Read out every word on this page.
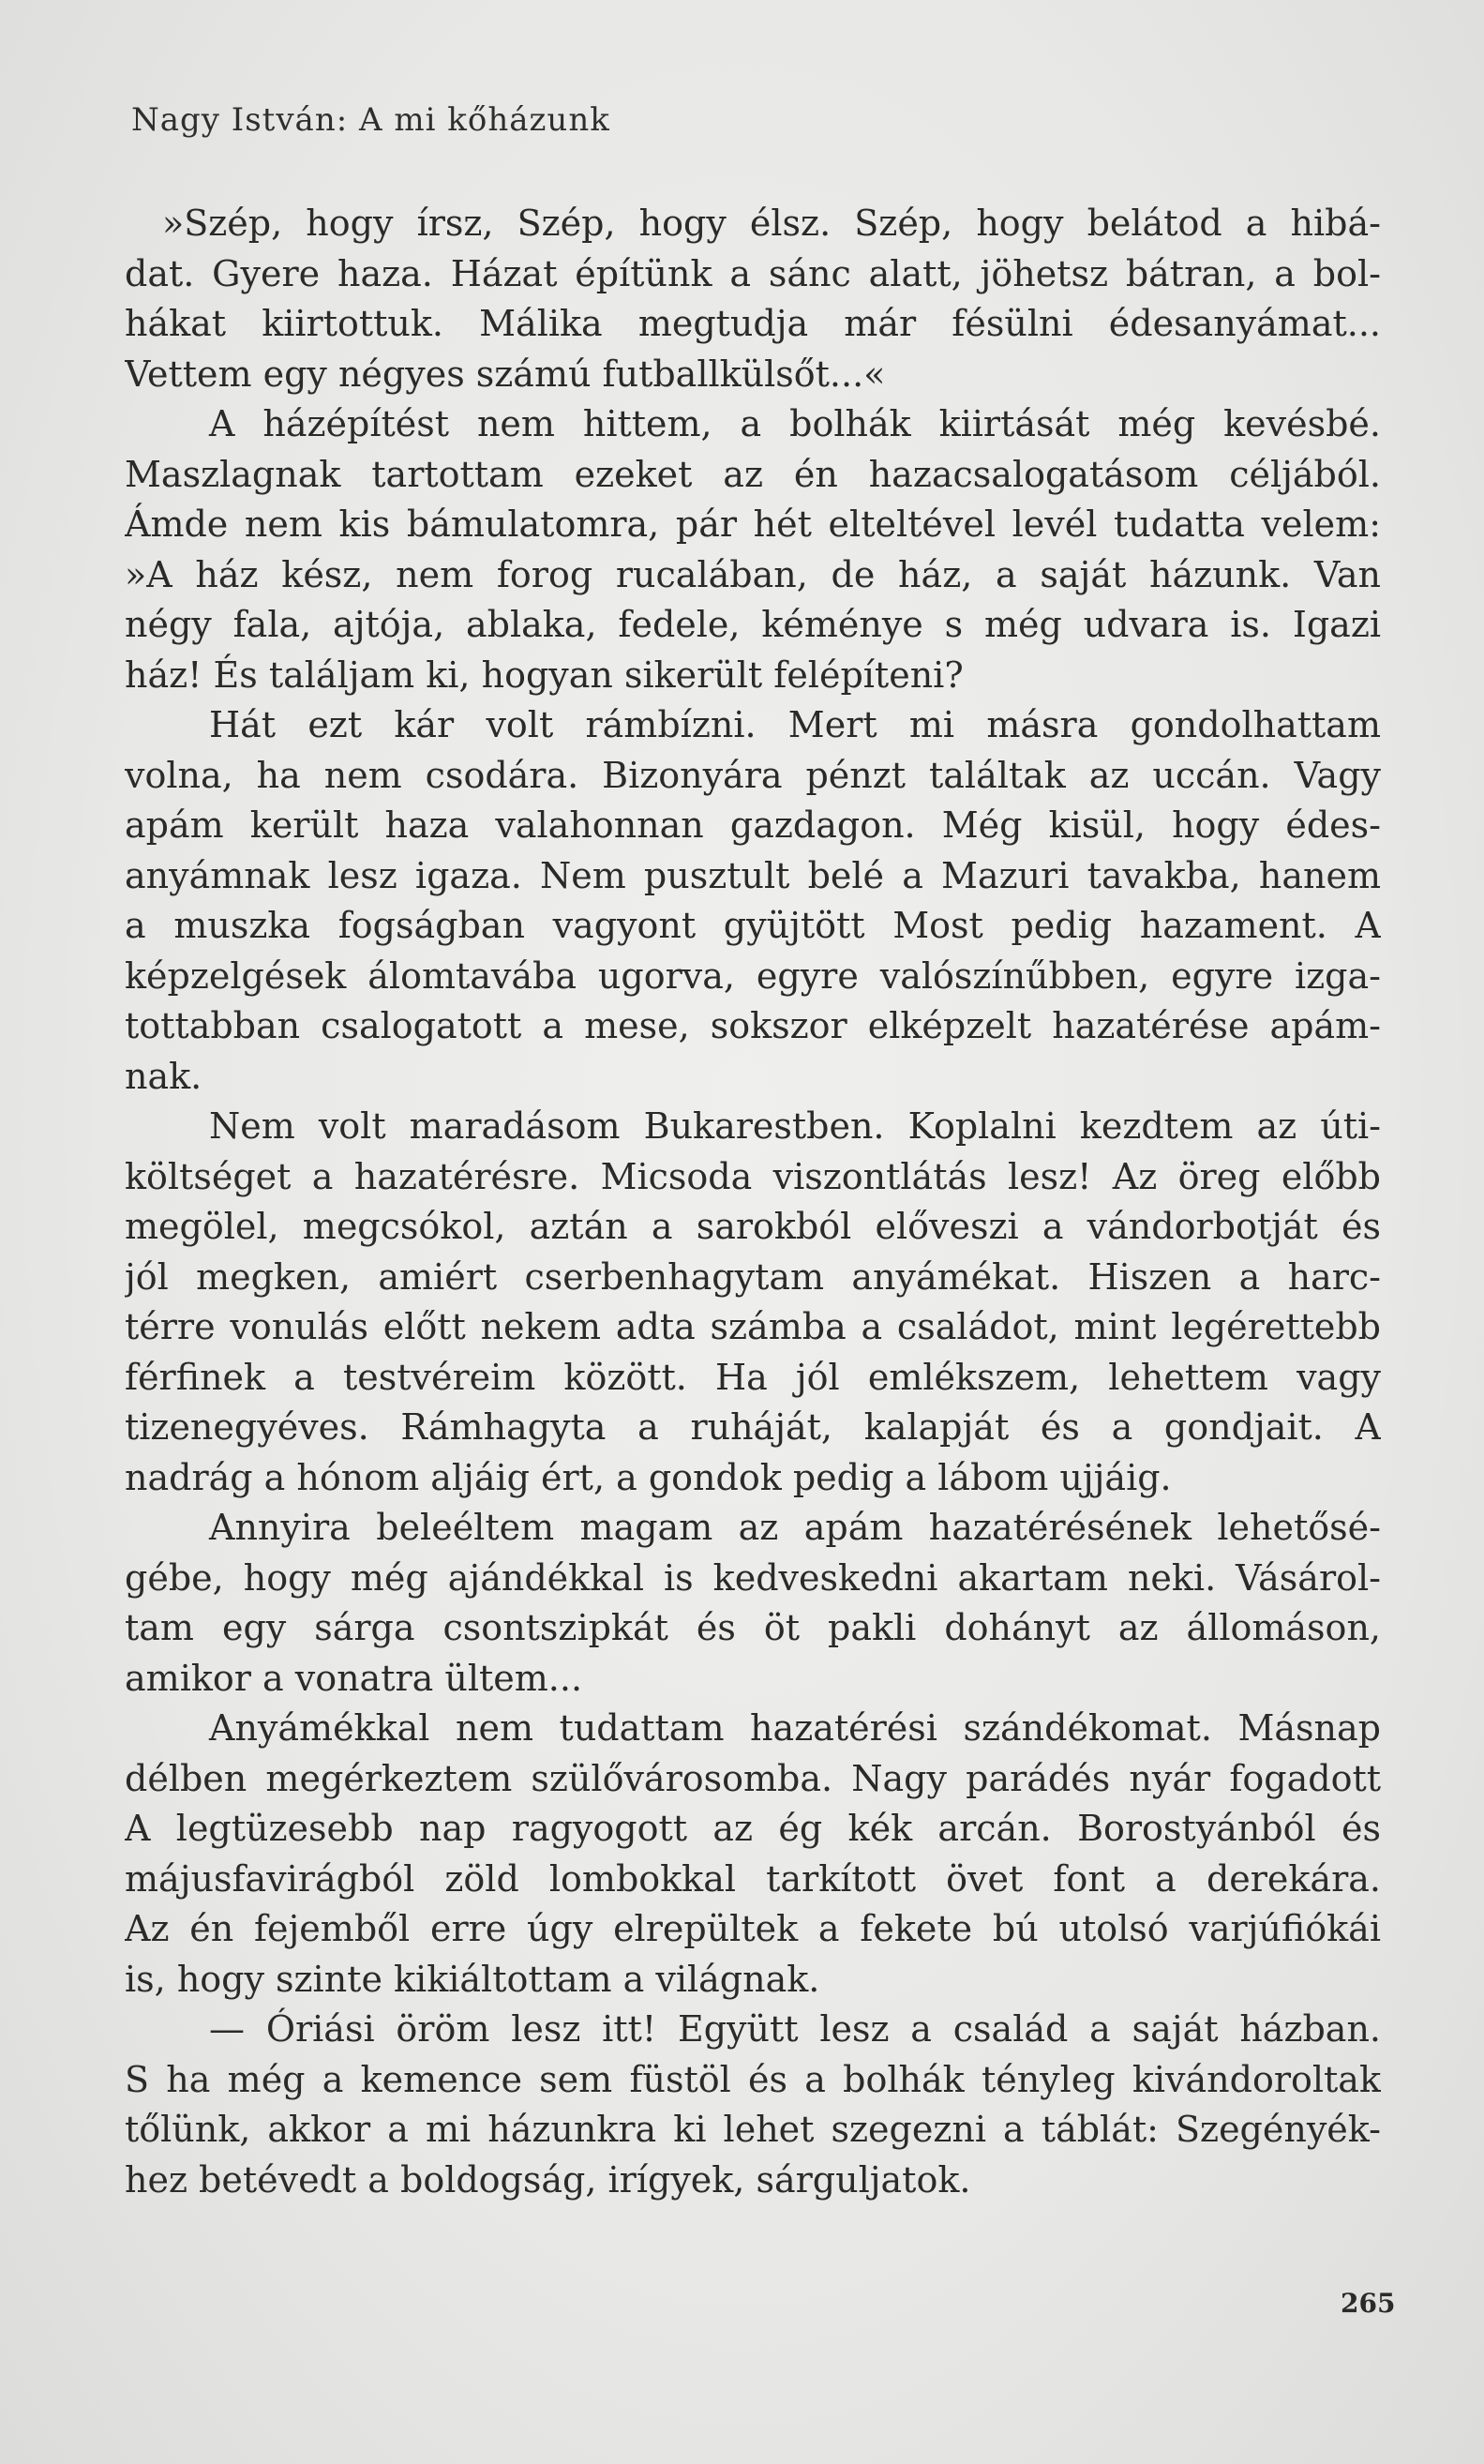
Nagy István: A mi kőházunk
»Szép, hogy írsz, Szép, hogy élsz. Szép, hogy belátod a hibá-
dat. Gyere haza. Házat építünk a sánc alatt, jöhetsz bátran, a bol-
hákat kiirtottuk. Málika megtudja már fésülni édesanyámat...
Vettem egy négyes számú futballkülsőt...«
A házépítést nem hittem, a bolhák kiirtását még kevésbé.
Maszlagnak tartottam ezeket az én hazacsalogatásom céljából.
Ámde nem kis bámulatomra, pár hét elteltével levél tudatta velem:
»A ház kész, nem forog rucalában, de ház, a saját házunk. Van
négy fala, ajtója, ablaka, fedele, kéménye s még udvara is. Igazi
ház! És találjam ki, hogyan sikerült felépíteni?
Hát ezt kár volt rámbízni. Mert mi másra gondolhattam
volna, ha nem csodára. Bizonyára pénzt találtak az uccán. Vagy
apám került haza valahonnan gazdagon. Még kisül, hogy édes-
anyámnak lesz igaza. Nem pusztult belé a Mazuri tavakba, hanem
a muszka fogságban vagyont gyüjtött Most pedig hazament. A
képzelgések álomtavába ugorva, egyre valószínűbben, egyre izga-
tottabban csalogatott a mese, sokszor elképzelt hazatérése apám-
nak.
Nem volt maradásom Bukarestben. Koplalni kezdtem az úti-
költséget a hazatérésre. Micsoda viszontlátás lesz! Az öreg előbb
megölel, megcsókol, aztán a sarokból előveszi a vándorbotját és
jól megken, amiért cserbenhagytam anyámékat. Hiszen a harc-
térre vonulás előtt nekem adta számba a családot, mint legérettebb
férfinek a testvéreim között. Ha jól emlékszem, lehettem vagy
tizenegyéves. Rámhagyta a ruháját, kalapját és a gondjait. A
nadrág a hónom aljáig ért, a gondok pedig a lábom ujjáig.
Annyira beleéltem magam az apám hazatérésének lehetősé-
gébe, hogy még ajándékkal is kedveskedni akartam neki. Vásárol-
tam egy sárga csontszipkát és öt pakli dohányt az állomáson,
amikor a vonatra ültem...
Anyámékkal nem tudattam hazatérési szándékomat. Másnap
délben megérkeztem szülővárosomba. Nagy parádés nyár fogadott
A legtüzesebb nap ragyogott az ég kék arcán. Borostyánból és
májusfavirágból zöld lombokkal tarkított övet font a derekára.
Az én fejemből erre úgy elrepültek a fekete bú utolsó varjúfiókái
is, hogy szinte kikiáltottam a világnak.
— Óriási öröm lesz itt! Együtt lesz a család a saját házban.
S ha még a kemence sem füstöl és a bolhák tényleg kivándoroltak
tőlünk, akkor a mi házunkra ki lehet szegezni a táblát: Szegényék-
hez betévedt a boldogság, irígyek, sárguljatok.
265
